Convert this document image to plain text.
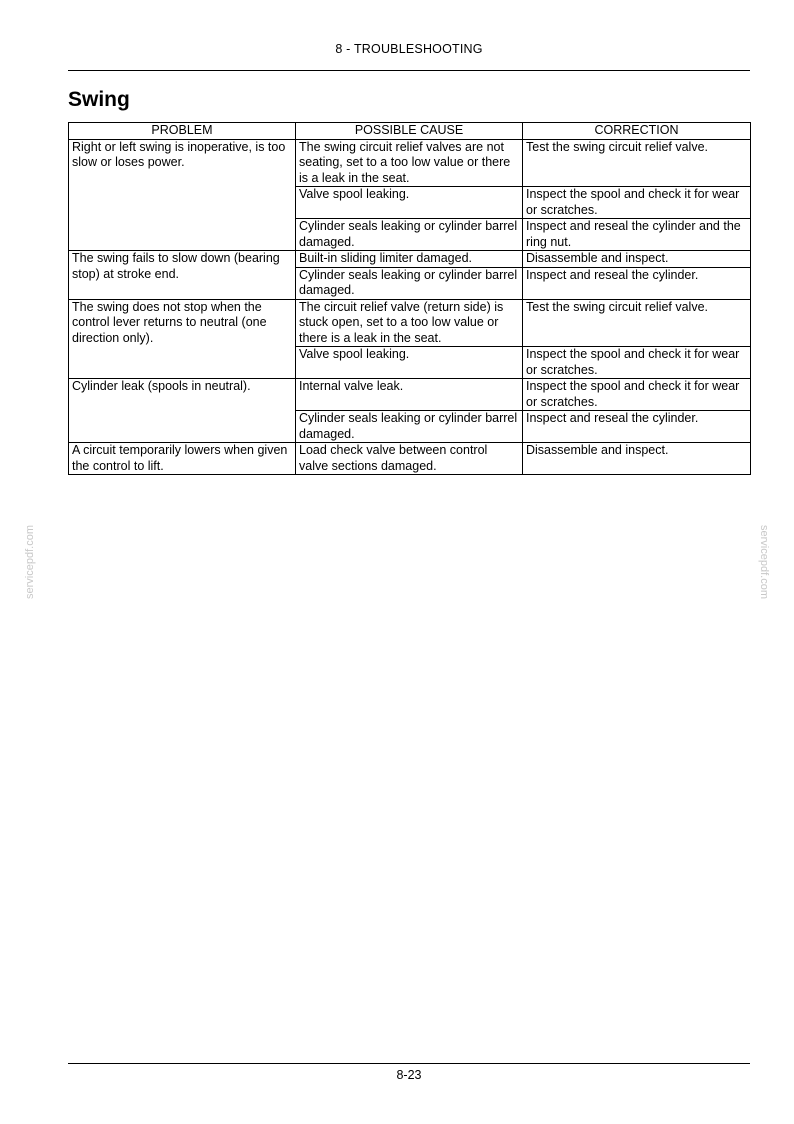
8 - TROUBLESHOOTING
Swing
PROBLEM	POSSIBLE CAUSE	CORRECTION
Right or left swing is inoperative, is too slow or loses power.	The swing circuit relief valves are not seating, set to a too low value or there is a leak in the seat.	Test the swing circuit relief valve.
	Valve spool leaking.	Inspect the spool and check it for wear or scratches.
	Cylinder seals leaking or cylinder barrel damaged.	Inspect and reseal the cylinder and the ring nut.
The swing fails to slow down (bearing stop) at stroke end.	Built-in sliding limiter damaged.	Disassemble and inspect.
	Cylinder seals leaking or cylinder barrel damaged.	Inspect and reseal the cylinder.
The swing does not stop when the control lever returns to neutral (one direction only).	The circuit relief valve (return side) is stuck open, set to a too low value or there is a leak in the seat.	Test the swing circuit relief valve.
	Valve spool leaking.	Inspect the spool and check it for wear or scratches.
Cylinder leak (spools in neutral).	Internal valve leak.	Inspect the spool and check it for wear or scratches.
	Cylinder seals leaking or cylinder barrel damaged.	Inspect and reseal the cylinder.
A circuit temporarily lowers when given the control to lift.	Load check valve between control valve sections damaged.	Disassemble and inspect.
servicepdf.com	servicepdf.com
8-23
